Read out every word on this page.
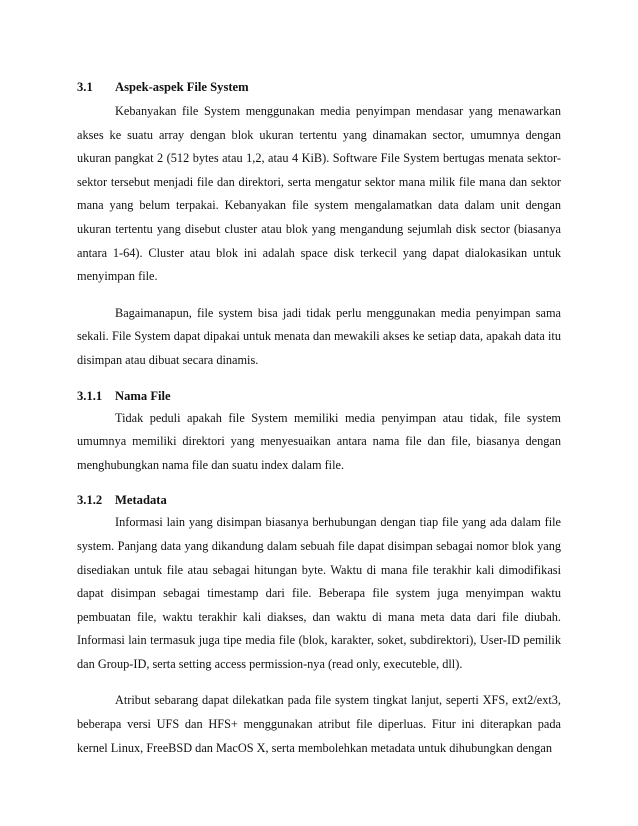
3.1	Aspek-aspek File System

Kebanyakan file System menggunakan media penyimpan mendasar yang menawarkan akses ke suatu array dengan blok ukuran tertentu yang dinamakan sector, umumnya dengan ukuran pangkat 2 (512 bytes atau 1,2, atau 4 KiB). Software File System bertugas menata sektor-sektor tersebut menjadi file dan direktori, serta mengatur sektor mana milik file mana dan sektor mana yang belum terpakai. Kebanyakan file system mengalamatkan data dalam unit dengan ukuran tertentu yang disebut cluster atau blok yang mengandung sejumlah disk sector (biasanya antara 1-64). Cluster atau blok ini adalah space disk terkecil yang dapat dialokasikan untuk menyimpan file.

Bagaimanapun, file system bisa jadi tidak perlu menggunakan media penyimpan sama sekali. File System dapat dipakai untuk menata dan mewakili akses ke setiap data, apakah data itu disimpan atau dibuat secara dinamis.

3.1.1	Nama File

Tidak peduli apakah file System memiliki media penyimpan atau tidak, file system umumnya memiliki direktori yang menyesuaikan antara nama file dan file, biasanya dengan menghubungkan nama file dan suatu index dalam file.

3.1.2	Metadata

Informasi lain yang disimpan biasanya berhubungan dengan tiap file yang ada dalam file system. Panjang data yang dikandung dalam sebuah file dapat disimpan sebagai nomor blok yang disediakan untuk file atau sebagai hitungan byte. Waktu di mana file terakhir kali dimodifikasi dapat disimpan sebagai timestamp dari file. Beberapa file system juga menyimpan waktu pembuatan file, waktu terakhir kali diakses, dan waktu di mana meta data dari file diubah. Informasi lain termasuk juga tipe media file (blok, karakter, soket, subdirektori), User-ID pemilik dan Group-ID, serta setting access permission-nya (read only, executeble, dll).

Atribut sebarang dapat dilekatkan pada file system tingkat lanjut, seperti XFS, ext2/ext3, beberapa versi UFS dan HFS+ menggunakan atribut file diperluas. Fitur ini diterapkan pada kernel Linux, FreeBSD dan MacOS X, serta membolehkan metadata untuk dihubungkan dengan
